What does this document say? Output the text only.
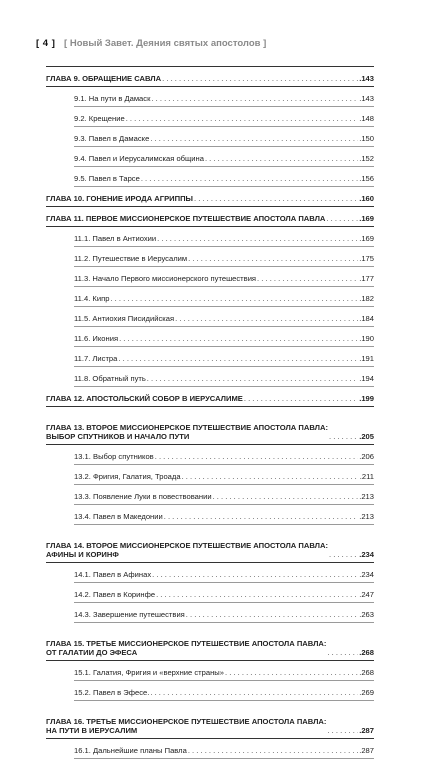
[ 4 ] [ Новый Завет. Деяния святых апостолов ]
ГЛАВА 9. ОБРАЩЕНИЕ САВЛА . . .	.143
9.1. На пути в Дамаск . . .	.143
9.2. Крещение . . .	.148
9.3. Павел в Дамаске . . .	.150
9.4. Павел и Иерусалимская община . . .	.152
9.5. Павел в Тарсе . . .	.156
ГЛАВА 10. ГОНЕНИЕ ИРОДА АГРИППЫ . . .	.160
ГЛАВА 11. ПЕРВОЕ МИССИОНЕРСКОЕ ПУТЕШЕСТВИЕ АПОСТОЛА ПАВЛА . . .	.169
11.1. Павел в Антиохии . . .	.169
11.2. Путешествие в Иерусалим . . .	.175
11.3. Начало Первого миссионерского путешествия . . .	.177
11.4. Кипр . . .	.182
11.5. Антиохия Писидийская . . .	.184
11.6. Икония . . .	.190
11.7. Листра . . .	.191
11.8. Обратный путь . . .	.194
ГЛАВА 12. АПОСТОЛЬСКИЙ СОБОР В ИЕРУСАЛИМЕ . . .	.199
ГЛАВА 13. ВТОРОЕ МИССИОНЕРСКОЕ ПУТЕШЕСТВИЕ АПОСТОЛА ПАВЛА:
ВЫБОР СПУТНИКОВ И НАЧАЛО ПУТИ . . .	.205
13.1. Выбор спутников . . .	.206
13.2. Фригия, Галатия, Троада . . .	.211
13.3. Появление Луки в повествовании . . .	.213
13.4. Павел в Македонии . . .	.213
ГЛАВА 14. ВТОРОЕ МИССИОНЕРСКОЕ ПУТЕШЕСТВИЕ АПОСТОЛА ПАВЛА:
АФИНЫ И КОРИНФ . . .	.234
14.1. Павел в Афинах . . .	.234
14.2. Павел в Коринфе . . .	.247
14.3. Завершение путешествия . . .	.263
ГЛАВА 15. ТРЕТЬЕ МИССИОНЕРСКОЕ ПУТЕШЕСТВИЕ АПОСТОЛА ПАВЛА:
ОТ ГАЛАТИИ ДО ЭФЕСА . . .	.268
15.1. Галатия, Фригия и «верхние страны» . . .	.268
15.2. Павел в Эфесе. . . .	.269
ГЛАВА 16. ТРЕТЬЕ МИССИОНЕРСКОЕ ПУТЕШЕСТВИЕ АПОСТОЛА ПАВЛА:
НА ПУТИ В ИЕРУСАЛИМ . . .	.287
16.1. Дальнейшие планы Павла . . .	.287
